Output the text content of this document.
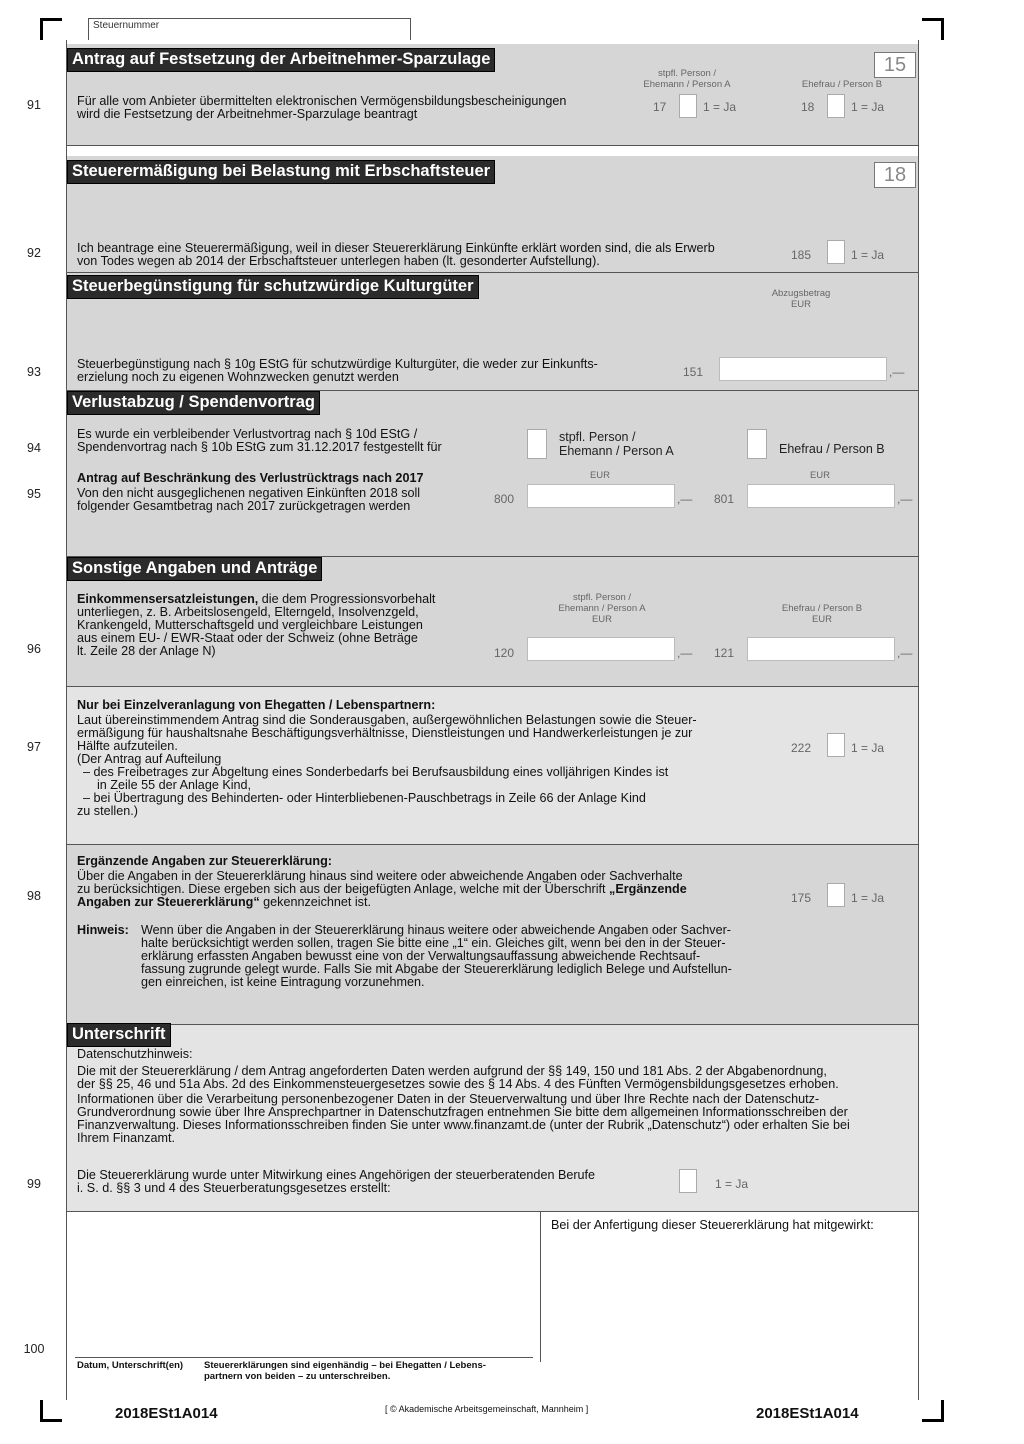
Steuernummer
Antrag auf Festsetzung der Arbeitnehmer-Sparzulage	15
91	Für alle vom Anbieter übermittelten elektronischen Vermögensbildungsbescheinigungen
wird die Festsetzung der Arbeitnehmer-Sparzulage beantragt
stpfl. Person /
Ehemann / Person A	Ehefrau / Person B
17	1 = Ja	18	1 = Ja
Steuerermäßigung bei Belastung mit Erbschaftsteuer	18
92	Ich beantrage eine Steuerermäßigung, weil in dieser Steuererklärung Einkünfte erklärt worden sind, die als Erwerb
von Todes wegen ab 2014 der Erbschaftsteuer unterlegen haben (lt. gesonderter Aufstellung).	185	1 = Ja
Steuerbegünstigung für schutzwürdige Kulturgüter	Abzugsbetrag
EUR
93
Steuerbegünstigung nach § 10g EStG für schutzwürdige Kulturgüter, die weder zur Einkunfts-
erzielung noch zu eigenen Wohnzwecken genutzt werden	151	,—
Verlustabzug / Spendenvortrag
94
Es wurde ein verbleibender Verlustvortrag nach § 10d EStG /
Spendenvortrag nach § 10b EStG zum 31.12.2017 festgestellt für
stpfl. Person /
Ehemann / Person A	Ehefrau / Person B
95
Antrag auf Beschränkung des Verlustrücktrags nach 2017
Von den nicht ausgeglichenen negativen Einkünften 2018 soll
folgender Gesamtbetrag nach 2017 zurückgetragen werden
EUR	EUR
800	,— 801	,—
Sonstige Angaben und Anträge
Einkommensersatzleistungen, die dem Progressionsvorbehalt
unterliegen, z. B. Arbeitslosengeld, Elterngeld, Insolvenzgeld,
Krankengeld, Mutterschaftsgeld und vergleichbare Leistungen
aus einem EU- / EWR-Staat oder der Schweiz (ohne Beträge
lt. Zeile 28 der Anlage N)
96
stpfl. Person /
Ehemann / Person A
EUR
Ehefrau / Person B
EUR
120	,— 121	,—
Nur bei Einzelveranlagung von Ehegatten / Lebenspartnern:
Laut übereinstimmendem Antrag sind die Sonderausgaben, außergewöhnlichen Belastungen sowie die Steuer-
ermäßigung für haushaltsnahe Beschäftigungsverhältnisse, Dienstleistungen und Handwerkerleistungen je zur
Hälfte aufzuteilen.
(Der Antrag auf Aufteilung
– des Freibetrages zur Abgeltung eines Sonderbedarfs bei Berufsausbildung eines volljährigen Kindes ist
in Zeile 55 der Anlage Kind,
– bei Übertragung des Behinderten- oder Hinterbliebenen-Pauschbetrags in Zeile 66 der Anlage Kind
zu stellen.)
97	222	1 = Ja
Ergänzende Angaben zur Steuererklärung:
Über die Angaben in der Steuererklärung hinaus sind weitere oder abweichende Angaben oder Sachverhalte
zu berücksichtigen. Diese ergeben sich aus der beigefügten Anlage, welche mit der Überschrift „Ergänzende
Angaben zur Steuererklärung“ gekennzeichnet ist.
98	175	1 = Ja
Hinweis: Wenn über die Angaben in der Steuererklärung hinaus weitere oder abweichende Angaben oder Sachver-
halte berücksichtigt werden sollen, tragen Sie bitte eine „1“ ein. Gleiches gilt, wenn bei den in der Steuer-
erklärung erfassten Angaben bewusst eine von der Verwaltungsauffassung abweichende Rechtsauf-
fassung zugrunde gelegt wurde. Falls Sie mit Abgabe der Steuererklärung lediglich Belege und Aufstellun-
gen einreichen, ist keine Eintragung vorzunehmen.
Unterschrift
Datenschutzhinweis:
Die mit der Steuererklärung / dem Antrag angeforderten Daten werden aufgrund der §§ 149, 150 und 181 Abs. 2 der Abgabenordnung,
der §§ 25, 46 und 51a Abs. 2d des Einkommensteuergesetzes sowie des § 14 Abs. 4 des Fünften Vermögensbildungsgesetzes erhoben.
Informationen über die Verarbeitung personenbezogener Daten in der Steuerverwaltung und über Ihre Rechte nach der Datenschutz-
Grundverordnung sowie über Ihre Ansprechpartner in Datenschutzfragen entnehmen Sie bitte dem allgemeinen Informationsschreiben der
Finanzverwaltung. Dieses Informationsschreiben finden Sie unter www.finanzamt.de (unter der Rubrik „Datenschutz“) oder erhalten Sie bei
Ihrem Finanzamt.
99
Die Steuererklärung wurde unter Mitwirkung eines Angehörigen der steuerberatenden Berufe
i. S. d. §§ 3 und 4 des Steuerberatungsgesetzes erstellt:	1 = Ja
Datum, Unterschrift(en) Steuererklärungen sind eigenhändig – bei Ehegatten / Lebens-
partnern von beiden – zu unterschreiben.
100
Bei der Anfertigung dieser Steuererklärung hat mitgewirkt:
2018ESt1A014	[ © Akademische Arbeitsgemeinschaft, Mannheim ]	2018ESt1A014
